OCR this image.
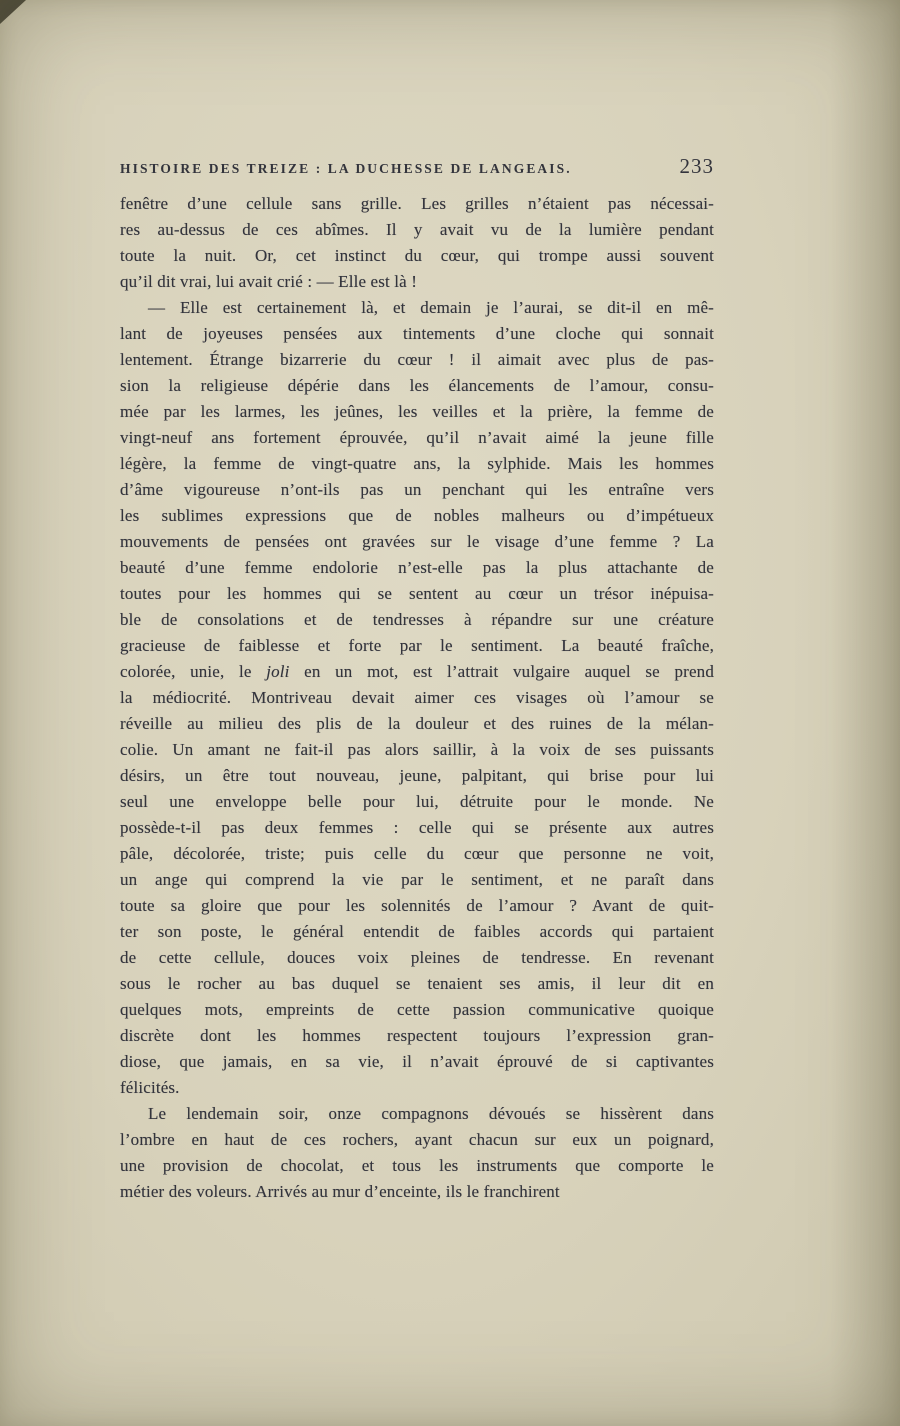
HISTOIRE DES TREIZE : LA DUCHESSE DE LANGEAIS.	233
fenêtre d’une cellule sans grille. Les grilles n’étaient pas nécessai-
res au-dessus de ces abîmes. Il y avait vu de la lumière pendant
toute la nuit. Or, cet instinct du cœur, qui trompe aussi souvent
qu’il dit vrai, lui avait crié : — Elle est là !
— Elle est certainement là, et demain je l’aurai, se dit-il en mê-
lant de joyeuses pensées aux tintements d’une cloche qui sonnait
lentement. Étrange bizarrerie du cœur ! il aimait avec plus de pas-
sion la religieuse dépérie dans les élancements de l’amour, consu-
mée par les larmes, les jeûnes, les veilles et la prière, la femme de
vingt-neuf ans fortement éprouvée, qu’il n’avait aimé la jeune fille
légère, la femme de vingt-quatre ans, la sylphide. Mais les hommes
d’âme vigoureuse n’ont-ils pas un penchant qui les entraîne vers
les sublimes expressions que de nobles malheurs ou d’impétueux
mouvements de pensées ont gravées sur le visage d’une femme ? La
beauté d’une femme endolorie n’est-elle pas la plus attachante de
toutes pour les hommes qui se sentent au cœur un trésor inépuisa-
ble de consolations et de tendresses à répandre sur une créature
gracieuse de faiblesse et forte par le sentiment. La beauté fraîche,
colorée, unie, le joli en un mot, est l’attrait vulgaire auquel se prend
la médiocrité. Montriveau devait aimer ces visages où l’amour se
réveille au milieu des plis de la douleur et des ruines de la mélan-
colie. Un amant ne fait-il pas alors saillir, à la voix de ses puissants
désirs, un être tout nouveau, jeune, palpitant, qui brise pour lui
seul une enveloppe belle pour lui, détruite pour le monde. Ne
possède-t-il pas deux femmes : celle qui se présente aux autres
pâle, décolorée, triste; puis celle du cœur que personne ne voit,
un ange qui comprend la vie par le sentiment, et ne paraît dans
toute sa gloire que pour les solennités de l’amour ? Avant de quit-
ter son poste, le général entendit de faibles accords qui partaient
de cette cellule, douces voix pleines de tendresse. En revenant
sous le rocher au bas duquel se tenaient ses amis, il leur dit en
quelques mots, empreints de cette passion communicative quoique
discrète dont les hommes respectent toujours l’expression gran-
diose, que jamais, en sa vie, il n’avait éprouvé de si captivantes
félicités.
Le lendemain soir, onze compagnons dévoués se hissèrent dans
l’ombre en haut de ces rochers, ayant chacun sur eux un poignard,
une provision de chocolat, et tous les instruments que comporte le
métier des voleurs. Arrivés au mur d’enceinte, ils le franchirent
